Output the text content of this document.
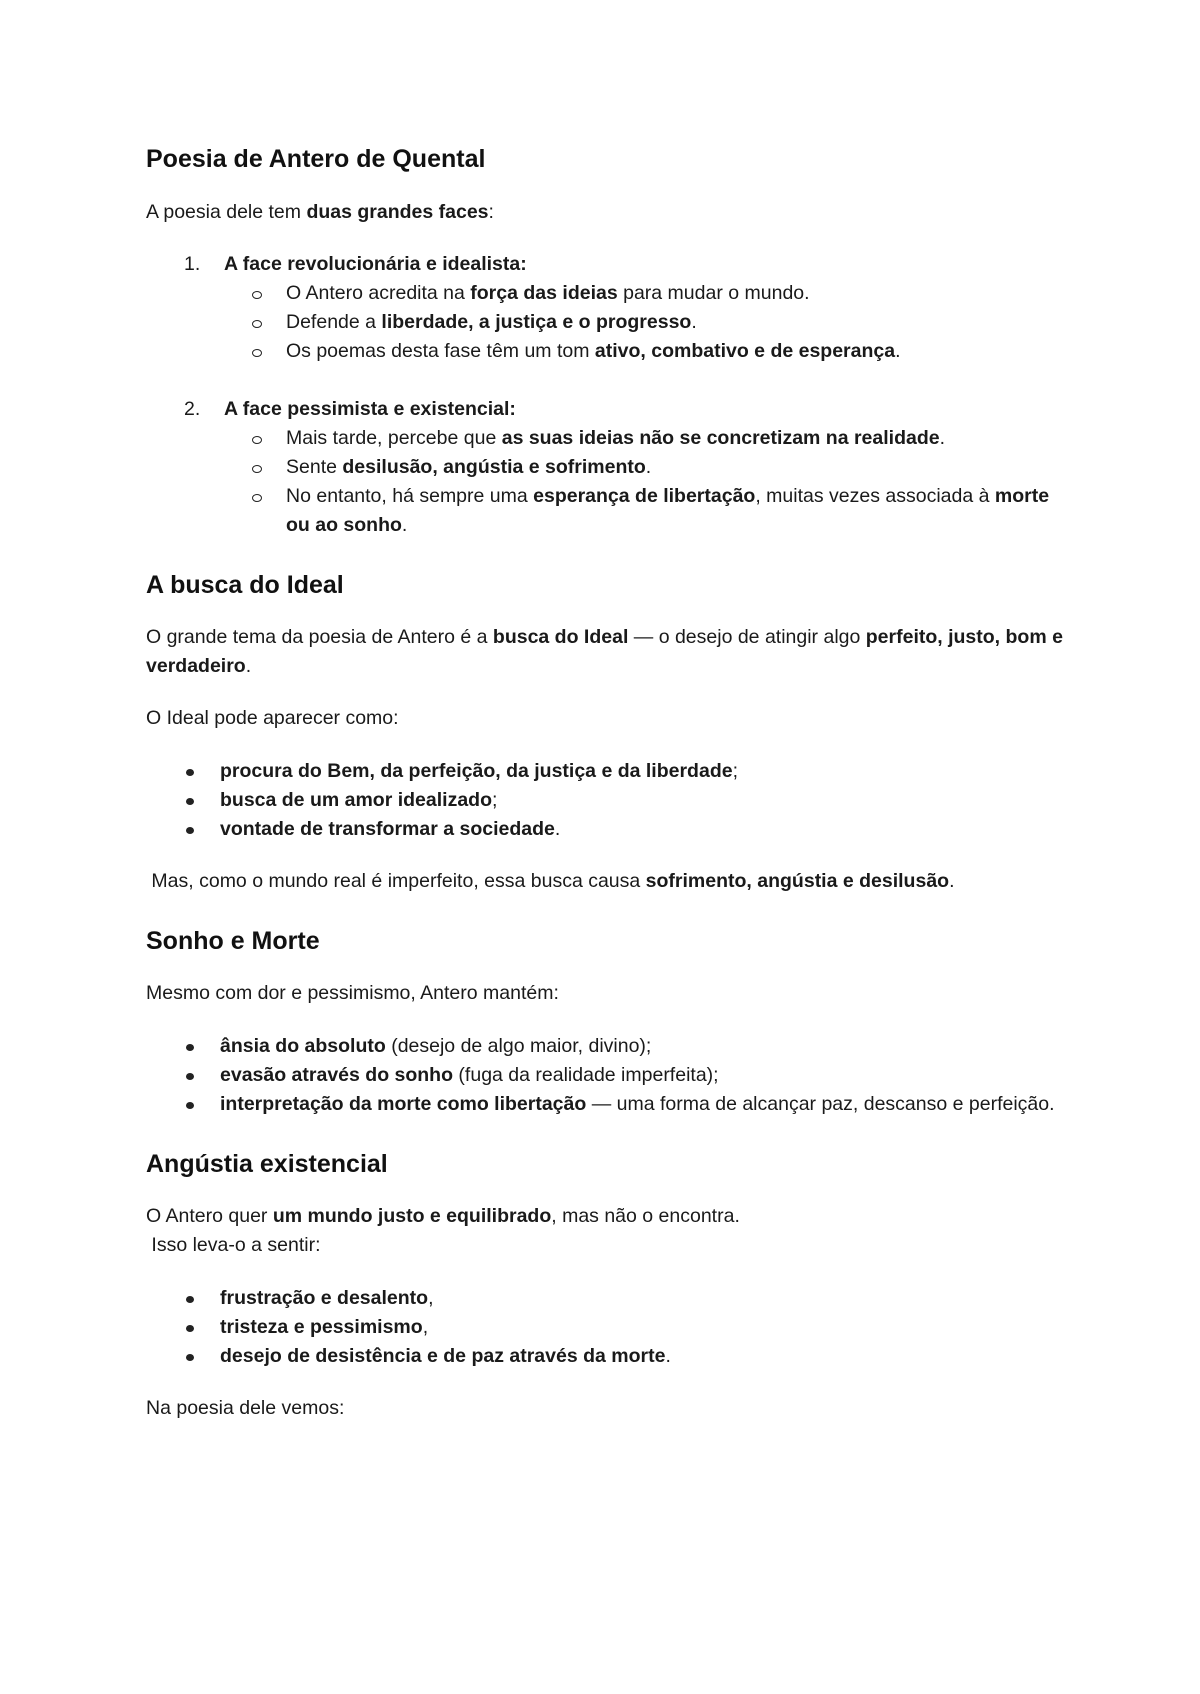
Poesia de Antero de Quental

A poesia dele tem duas grandes faces:

1. A face revolucionária e idealista:
O Antero acredita na força das ideias para mudar o mundo.
Defende a liberdade, a justiça e o progresso.
Os poemas desta fase têm um tom ativo, combativo e de esperança.
2. A face pessimista e existencial:
Mais tarde, percebe que as suas ideias não se concretizam na realidade.
Sente desilusão, angústia e sofrimento.
No entanto, há sempre uma esperança de libertação, muitas vezes associada à morte ou ao sonho.
A busca do Ideal

O grande tema da poesia de Antero é a busca do Ideal — o desejo de atingir algo perfeito, justo, bom e verdadeiro.

O Ideal pode aparecer como:

procura do Bem, da perfeição, da justiça e da liberdade;
busca de um amor idealizado;
vontade de transformar a sociedade.

Mas, como o mundo real é imperfeito, essa busca causa sofrimento, angústia e desilusão.

Sonho e Morte

Mesmo com dor e pessimismo, Antero mantém:

ânsia do absoluto (desejo de algo maior, divino);
evasão através do sonho (fuga da realidade imperfeita);
interpretação da morte como libertação — uma forma de alcançar paz, descanso e perfeição.
Angústia existencial

O Antero quer um mundo justo e equilibrado, mas não o encontra.

Isso leva-o a sentir:

frustração e desalento,
tristeza e pessimismo,
desejo de desistência e de paz através da morte.

Na poesia dele vemos:
